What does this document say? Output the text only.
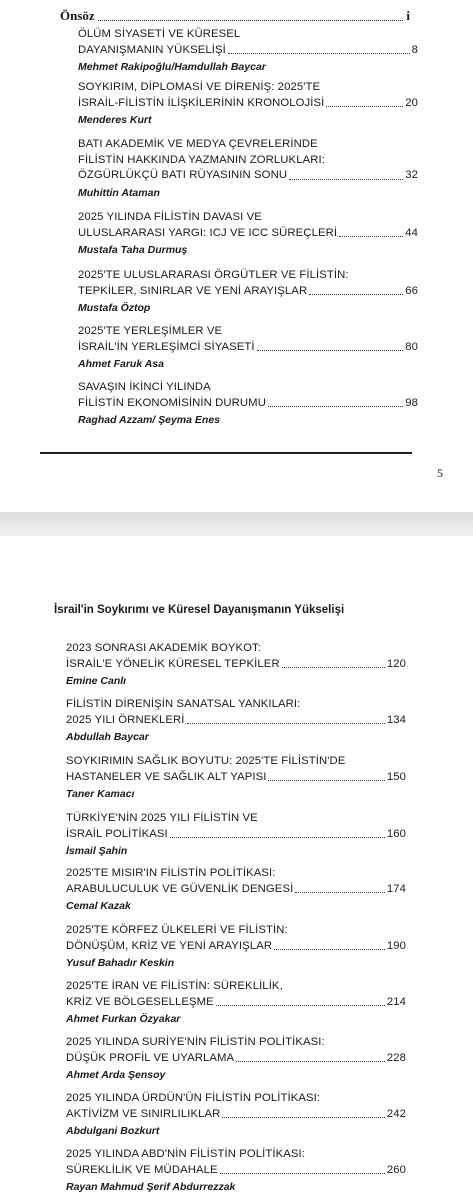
Önsöz	i
ÖLÜM SİYASETİ VE KÜRESEL
DAYANIŞMANIN YÜKSELİŞİ	8
Mehmet Rakipoğlu/Hamdullah Baycar
SOYKIRIM, DİPLOMASİ VE DİRENİŞ: 2025'TE
İSRAİL-FİLİSTİN İLİŞKİLERİNİN KRONOLOJİSİ	20
Menderes Kurt
BATI AKADEMİK VE MEDYA ÇEVRELERİNDE
FİLİSTİN HAKKINDA YAZMANIN ZORLUKLARI:
ÖZGÜRLÜKÇÜ BATI RÜYASININ SONU	32
Muhittin Ataman
2025 YILINDA FİLİSTİN DAVASI VE
ULUSLARARASI YARGI: ICJ VE ICC SÜREÇLERİ	44
Mustafa Taha Durmuş
2025'TE ULUSLARARASI ÖRGÜTLER VE FİLİSTİN:
TEPKİLER, SINIRLAR VE YENİ ARAYIŞLAR	66
Mustafa Öztop
2025'TE YERLEŞİMLER VE
İSRAİL'İN YERLEŞİMCİ SİYASETİ	80
Ahmet Faruk Asa
SAVAŞIN İKİNCİ YILINDA
FİLİSTİN EKONOMİSİNİN DURUMU	98
Raghad Azzam/ Şeyma Enes
5
İsrail'in Soykırımı ve Küresel Dayanışmanın Yükselişi
2023 SONRASI AKADEMİK BOYKOT:
İSRAİL'E YÖNELİK KÜRESEL TEPKİLER	120
Emine Canlı
FİLİSTİN DİRENİŞİN SANATSAL YANKILARI:
2025 YILI ÖRNEKLERİ	134
Abdullah Baycar
SOYKIRIMIN SAĞLIK BOYUTU: 2025'TE FİLİSTİN'DE
HASTANELER VE SAĞLIK ALT YAPISI	150
Taner Kamacı
TÜRKİYE'NİN 2025 YILI FİLİSTİN VE
İSRAİL POLİTİKASI	160
İsmail Şahin
2025'TE MISIR'IN FİLİSTİN POLİTİKASI:
ARABULUCULUK VE GÜVENLİK DENGESİ	174
Cemal Kazak
2025'TE KÖRFEZ ÜLKELERİ VE FİLİSTİN:
DÖNÜŞÜM, KRİZ VE YENİ ARAYIŞLAR	190
Yusuf Bahadır Keskin
2025'TE İRAN VE FİLİSTİN: SÜREKLİLİK,
KRİZ VE BÖLGESELLEŞME	214
Ahmet Furkan Özyakar
2025 YILINDA SURİYE'NİN FİLİSTİN POLİTİKASI:
DÜŞÜK PROFİL VE UYARLAMA	228
Ahmet Arda Şensoy
2025 YILINDA ÜRDÜN'ÜN FİLİSTİN POLİTİKASI:
AKTİVİZM VE SINIRLILIKLAR	242
Abdulgani Bozkurt
2025 YILINDA ABD'NİN FİLİSTİN POLİTİKASI:
SÜREKLİLİK VE MÜDAHALE	260
Rayan Mahmud Şerif Abdurrezzak
